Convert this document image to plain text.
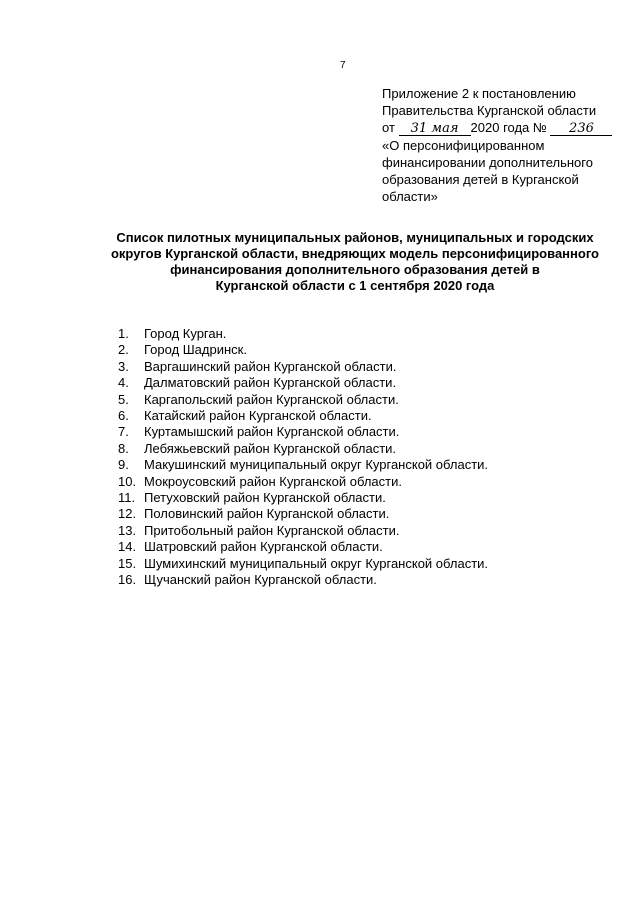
7
Приложение 2 к постановлению
Правительства Курганской области
от 31 мая 2020 года № 236
«О персонифицированном
финансировании дополнительного
образования детей в Курганской
области»
Список пилотных муниципальных районов, муниципальных и городских
округов Курганской области, внедряющих модель персонифицированного
финансирования дополнительного образования детей в
Курганской области с 1 сентября 2020 года
1.	Город Курган.
2.	Город Шадринск.
3.	Варгашинский район Курганской области.
4.	Далматовский район Курганской области.
5.	Каргапольский район Курганской области.
6.	Катайский район Курганской области.
7.	Куртамышский район Курганской области.
8.	Лебяжьевский район Курганской области.
9.	Макушинский муниципальный округ Курганской области.
10. Мокроусовский район Курганской области.
11. Петуховский район Курганской области.
12. Половинский район Курганской области.
13. Притобольный район Курганской области.
14. Шатровский район Курганской области.
15. Шумихинский муниципальный округ Курганской области.
16. Щучанский район Курганской области.
